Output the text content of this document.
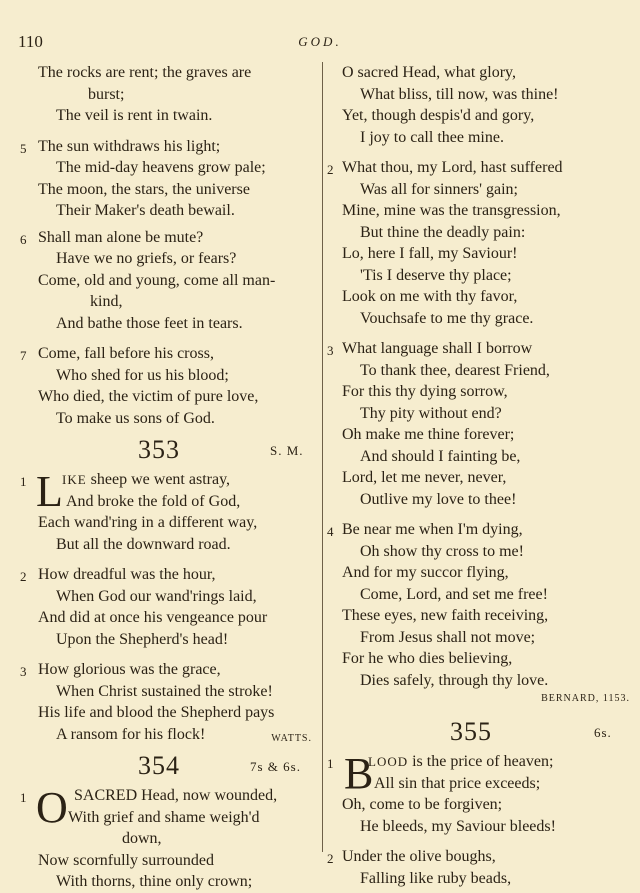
110	GOD.
The rocks are rent; the graves are
burst;
The veil is rent in twain.
5 The sun withdraws his light;
The mid-day heavens grow pale;
The moon, the stars, the universe
Their Maker's death bewail.
6 Shall man alone be mute?
Have we no griefs, or fears?
Come, old and young, come all man-
kind,
And bathe those feet in tears.
7 Come, fall before his cross,
Who shed for us his blood;
Who died, the victim of pure love,
To make us sons of God.
353	S. M.
1 L IKE sheep we went astray,
And broke the fold of God,
Each wand'ring in a different way,
But all the downward road.
2 How dreadful was the hour,
When God our wand'rings laid,
And did at once his vengeance pour
Upon the Shepherd's head!
3 How glorious was the grace,
When Christ sustained the stroke!
His life and blood the Shepherd pays
A ransom for his flock!	WATTS.
354	7s & 6s.
1 O SACRED Head, now wounded,
With grief and shame weigh'd
down,
Now scornfully surrounded
With thorns, thine only crown;
O sacred Head, what glory,
What bliss, till now, was thine!
Yet, though despis'd and gory,
I joy to call thee mine.
2 What thou, my Lord, hast suffered
Was all for sinners' gain;
Mine, mine was the transgression,
But thine the deadly pain:
Lo, here I fall, my Saviour!
'Tis I deserve thy place;
Look on me with thy favor,
Vouchsafe to me thy grace.
3 What language shall I borrow
To thank thee, dearest Friend,
For this thy dying sorrow,
Thy pity without end?
Oh make me thine forever;
And should I fainting be,
Lord, let me never, never,
Outlive my love to thee!
4 Be near me when I'm dying,
Oh show thy cross to me!
And for my succor flying,
Come, Lord, and set me free!
These eyes, new faith receiving,
From Jesus shall not move;
For he who dies believing,
Dies safely, through thy love.
BERNARD, 1153.
355	6s.
1 B
LOOD is the price of heaven;
All sin that price exceeds;
Oh, come to be forgiven;
He bleeds, my Saviour bleeds!
2 Under the olive boughs,
Falling like ruby beads,
